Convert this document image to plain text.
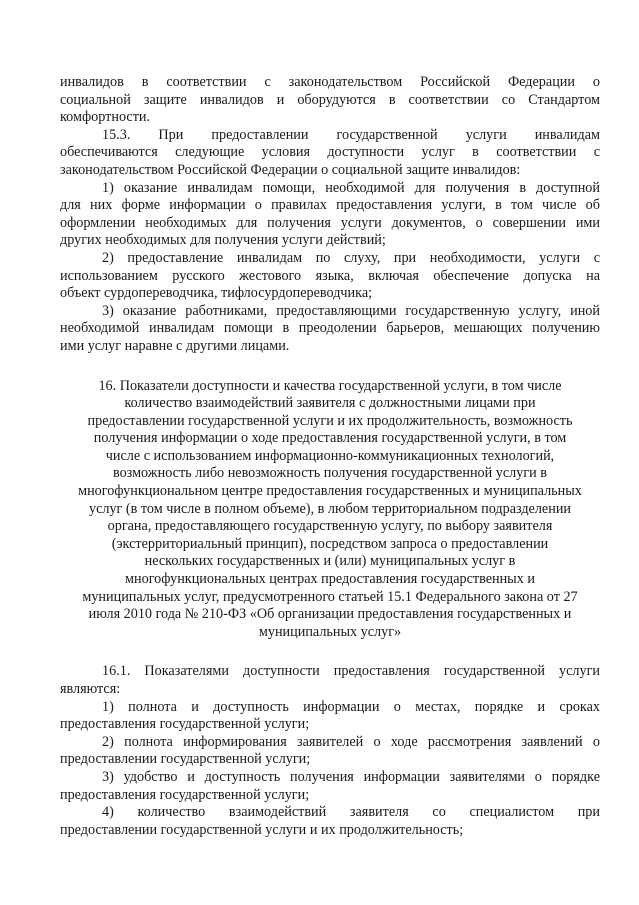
инвалидов в соответствии с законодательством Российской Федерации о
социальной защите инвалидов и оборудуются в соответствии со Стандартом
комфортности.
15.3. При предоставлении государственной услуги инвалидам
обеспечиваются следующие условия доступности услуг в соответствии с
законодательством Российской Федерации о социальной защите инвалидов:
1) оказание инвалидам помощи, необходимой для получения в доступной
для них форме информации о правилах предоставления услуги, в том числе об
оформлении необходимых для получения услуги документов, о совершении ими
других необходимых для получения услуги действий;
2) предоставление инвалидам по слуху, при необходимости, услуги с
использованием русского жестового языка, включая обеспечение допуска на
объект сурдопереводчика, тифлосурдопереводчика;
3) оказание работниками, предоставляющими государственную услугу, иной
необходимой инвалидам помощи в преодолении барьеров, мешающих получению
ими услуг наравне с другими лицами.
16. Показатели доступности и качества государственной услуги, в том числе
количество взаимодействий заявителя с должностными лицами при
предоставлении государственной услуги и их продолжительность, возможность
получения информации о ходе предоставления государственной услуги, в том
числе с использованием информационно-коммуникационных технологий,
возможность либо невозможность получения государственной услуги в
многофункциональном центре предоставления государственных и муниципальных
услуг (в том числе в полном объеме), в любом территориальном подразделении
органа, предоставляющего государственную услугу, по выбору заявителя
(экстерриториальный принцип), посредством запроса о предоставлении
нескольких государственных и (или) муниципальных услуг в
многофункциональных центрах предоставления государственных и
муниципальных услуг, предусмотренного статьей 15.1 Федерального закона от 27
июля 2010 года № 210-ФЗ «Об организации предоставления государственных и
муниципальных услуг»
16.1. Показателями доступности предоставления государственной услуги
являются:
1) полнота и доступность информации о местах, порядке и сроках
предоставления государственной услуги;
2) полнота информирования заявителей о ходе рассмотрения заявлений о
предоставлении государственной услуги;
3) удобство и доступность получения информации заявителями о порядке
предоставления государственной услуги;
4) количество взаимодействий заявителя со специалистом при
предоставлении государственной услуги и их продолжительность;
